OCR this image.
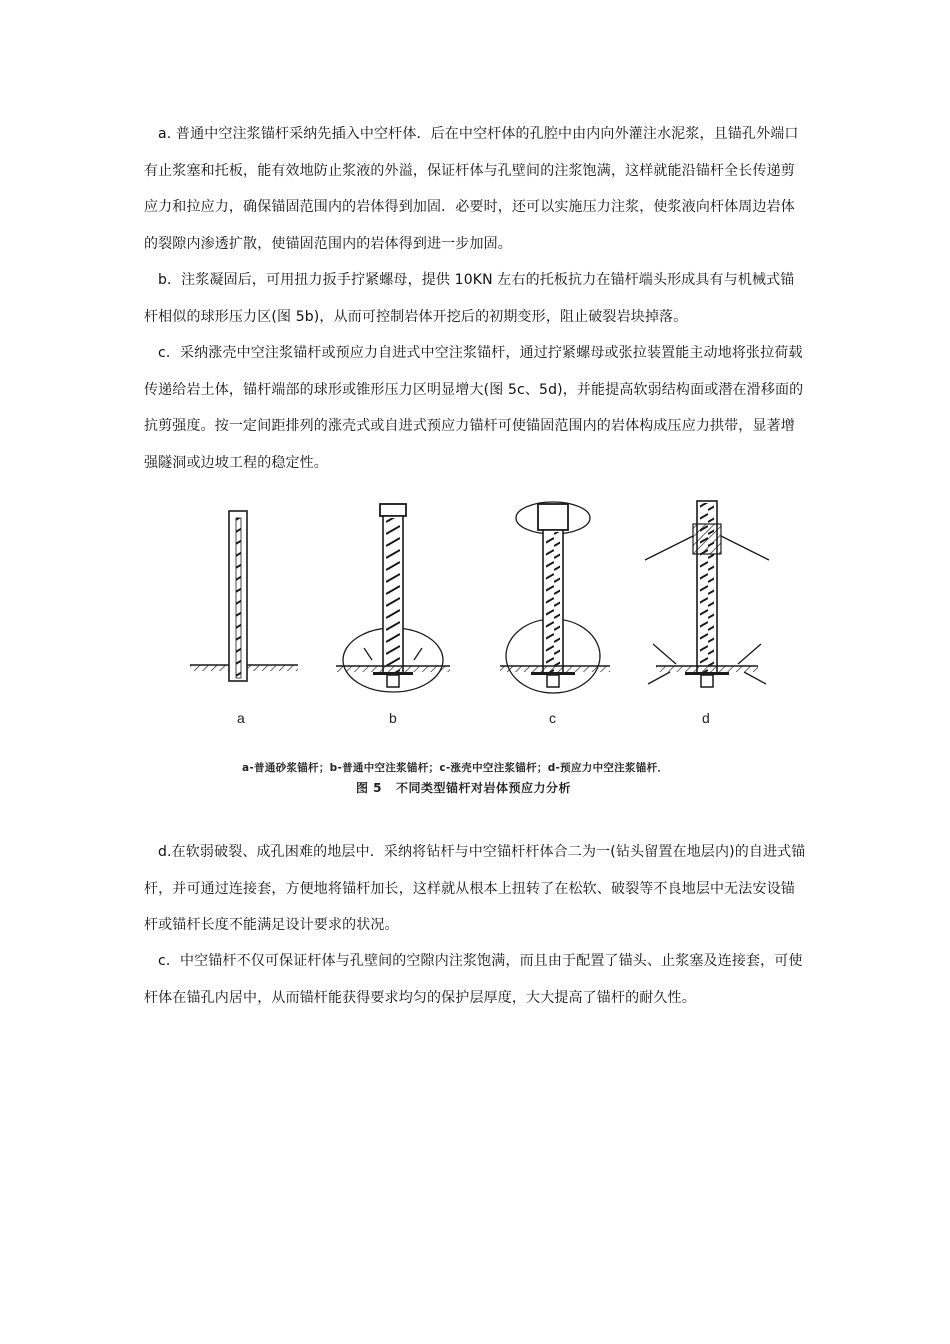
a. 普通中空注浆锚杆采纳先插入中空杆体．后在中空杆体的孔腔中由内向外灌注水泥浆，且锚孔外端口有止浆塞和托板，能有效地防止浆液的外溢，保证杆体与孔壁间的注浆饱满，这样就能沿锚杆全长传递剪应力和拉应力，确保锚固范围内的岩体得到加固．必要时，还可以实施压力注浆，使浆液向杆体周边岩体的裂隙内渗透扩散，使锚固范围内的岩体得到进一步加固。

b．注浆凝固后，可用扭力扳手拧紧螺母，提供 10KN 左右的托板抗力在锚杆端头形成具有与机械式锚杆相似的球形压力区(图 5b)，从而可控制岩体开挖后的初期变形，阻止破裂岩块掉落。

c．采纳涨壳中空注浆锚杆或预应力自进式中空注浆锚杆，通过拧紧螺母或张拉装置能主动地将张拉荷载传递给岩土体，锚杆端部的球形或锥形压力区明显增大(图 5c、5d)，并能提高软弱结构面或潜在滑移面的抗剪强度。按一定间距排列的涨壳式或自进式预应力锚杆可使锚固范围内的岩体构成压应力拱带，显著增强隧洞或边坡工程的稳定性。

a	b	c	d
a-普通砂浆锚杆；b-普通中空注浆锚杆；c-涨壳中空注浆锚杆；d-预应力中空注浆锚杆．
图 5 不同类型锚杆对岩体预应力分析

d.在软弱破裂、成孔困难的地层中．采纳将钻杆与中空锚杆杆体合二为一(钻头留置在地层内)的自进式锚杆，并可通过连接套，方便地将锚杆加长，这样就从根本上扭转了在松软、破裂等不良地层中无法安设锚杆或锚杆长度不能满足设计要求的状况。

c．中空锚杆不仅可保证杆体与孔壁间的空隙内注浆饱满，而且由于配置了锚头、止浆塞及连接套，可使杆体在锚孔内居中，从而锚杆能获得要求均匀的保护层厚度，大大提高了锚杆的耐久性。
